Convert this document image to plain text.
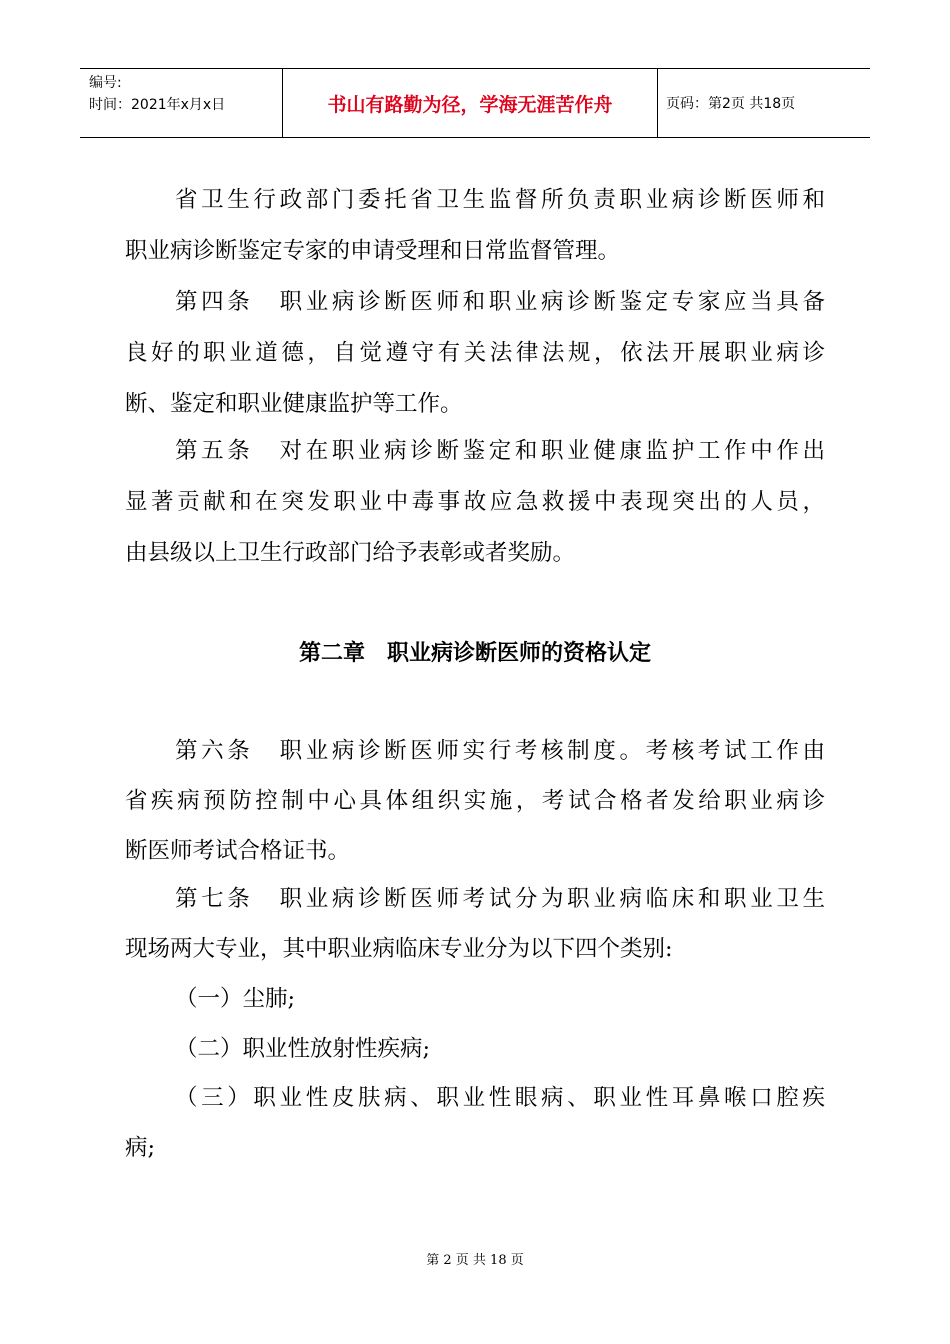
编号:
时间：2021年x月x日	书山有路勤为径，学海无涯苦作舟	页码：第2页 共18页
省卫生行政部门委托省卫生监督所负责职业病诊断医师和
职业病诊断鉴定专家的申请受理和日常监督管理。
第四条　职业病诊断医师和职业病诊断鉴定专家应当具备
良好的职业道德，自觉遵守有关法律法规，依法开展职业病诊
断、鉴定和职业健康监护等工作。
第五条　对在职业病诊断鉴定和职业健康监护工作中作出
显著贡献和在突发职业中毒事故应急救援中表现突出的人员，
由县级以上卫生行政部门给予表彰或者奖励。
第二章　职业病诊断医师的资格认定
第六条　职业病诊断医师实行考核制度。考核考试工作由
省疾病预防控制中心具体组织实施，考试合格者发给职业病诊
断医师考试合格证书。
第七条　职业病诊断医师考试分为职业病临床和职业卫生
现场两大专业，其中职业病临床专业分为以下四个类别:
（一）尘肺;
（二）职业性放射性疾病;
（三）职业性皮肤病、职业性眼病、职业性耳鼻喉口腔疾
病;
第 2 页 共 18 页
